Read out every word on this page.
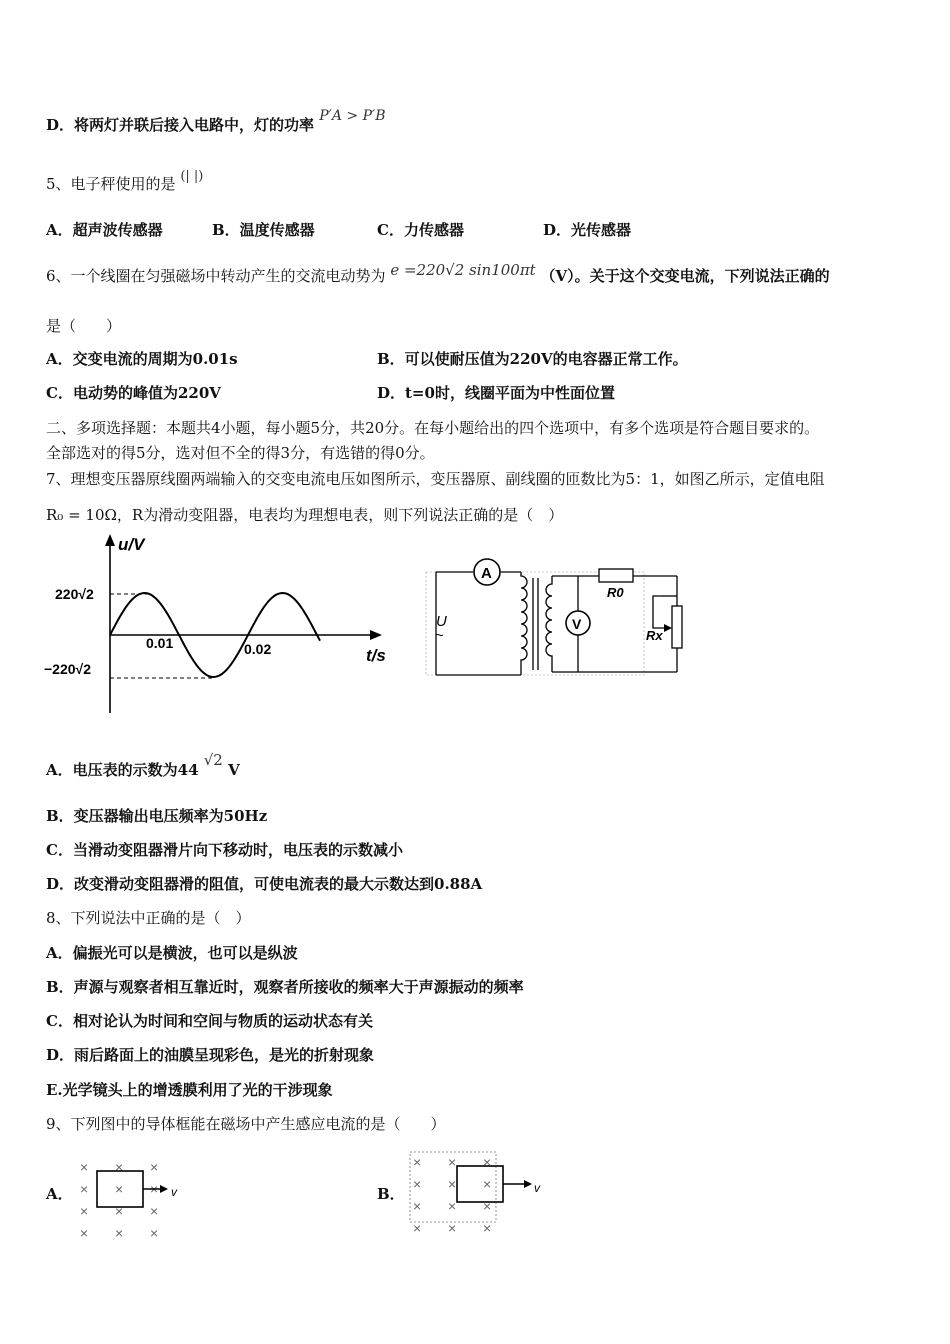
D．将两灯并联后接入电路中，灯的功率 P′A > P′B
5、电子秤使用的是 (| |)
A．超声波传感器	B．温度传感器	C．力传感器	D．光传感器
6、一个线圈在匀强磁场中转动产生的交流电动势为 e =220√2 sin100πt （V）。关于这个交变电流，下列说法正确的
是（　　）
A．交变电流的周期为0.01s	B．可以使耐压值为220V的电容器正常工作。
C．电动势的峰值为220V	D．t=0时，线圈平面为中性面位置
二、多项选择题：本题共4小题，每小题5分，共20分。在每小题给出的四个选项中，有多个选项是符合题目要求的。
全部选对的得5分，选对但不全的得3分，有选错的得0分。
7、理想变压器原线圈两端输入的交变电流电压如图所示，变压器原、副线圈的匝数比为5：1，如图乙所示，定值电阻
R₀ = 10Ω，R为滑动变阻器，电表均为理想电表，则下列说法正确的是（　）
u/V
t/s
220√2
−220√2
0.01	0.02
A
U
~
V
R0
Rx
A．电压表的示数为44 √2 V
B．变压器输出电压频率为50Hz
C．当滑动变阻器滑片向下移动时，电压表的示数减小
D．改变滑动变阻器滑的阻值，可使电流表的最大示数达到0.88A
8、下列说法中正确的是（　）
A．偏振光可以是横波，也可以是纵波
B．声源与观察者相互靠近时，观察者所接收的频率大于声源振动的频率
C．相对论认为时间和空间与物质的运动状态有关
D．雨后路面上的油膜呈现彩色，是光的折射现象
E.光学镜头上的增透膜利用了光的干涉现象
9、下列图中的导体框能在磁场中产生感应电流的是（　　）
A．
× × ×
× × ×
× × ×
× × ×
v	B．
× × ×
× × ×
× × ×
× × ×
v
